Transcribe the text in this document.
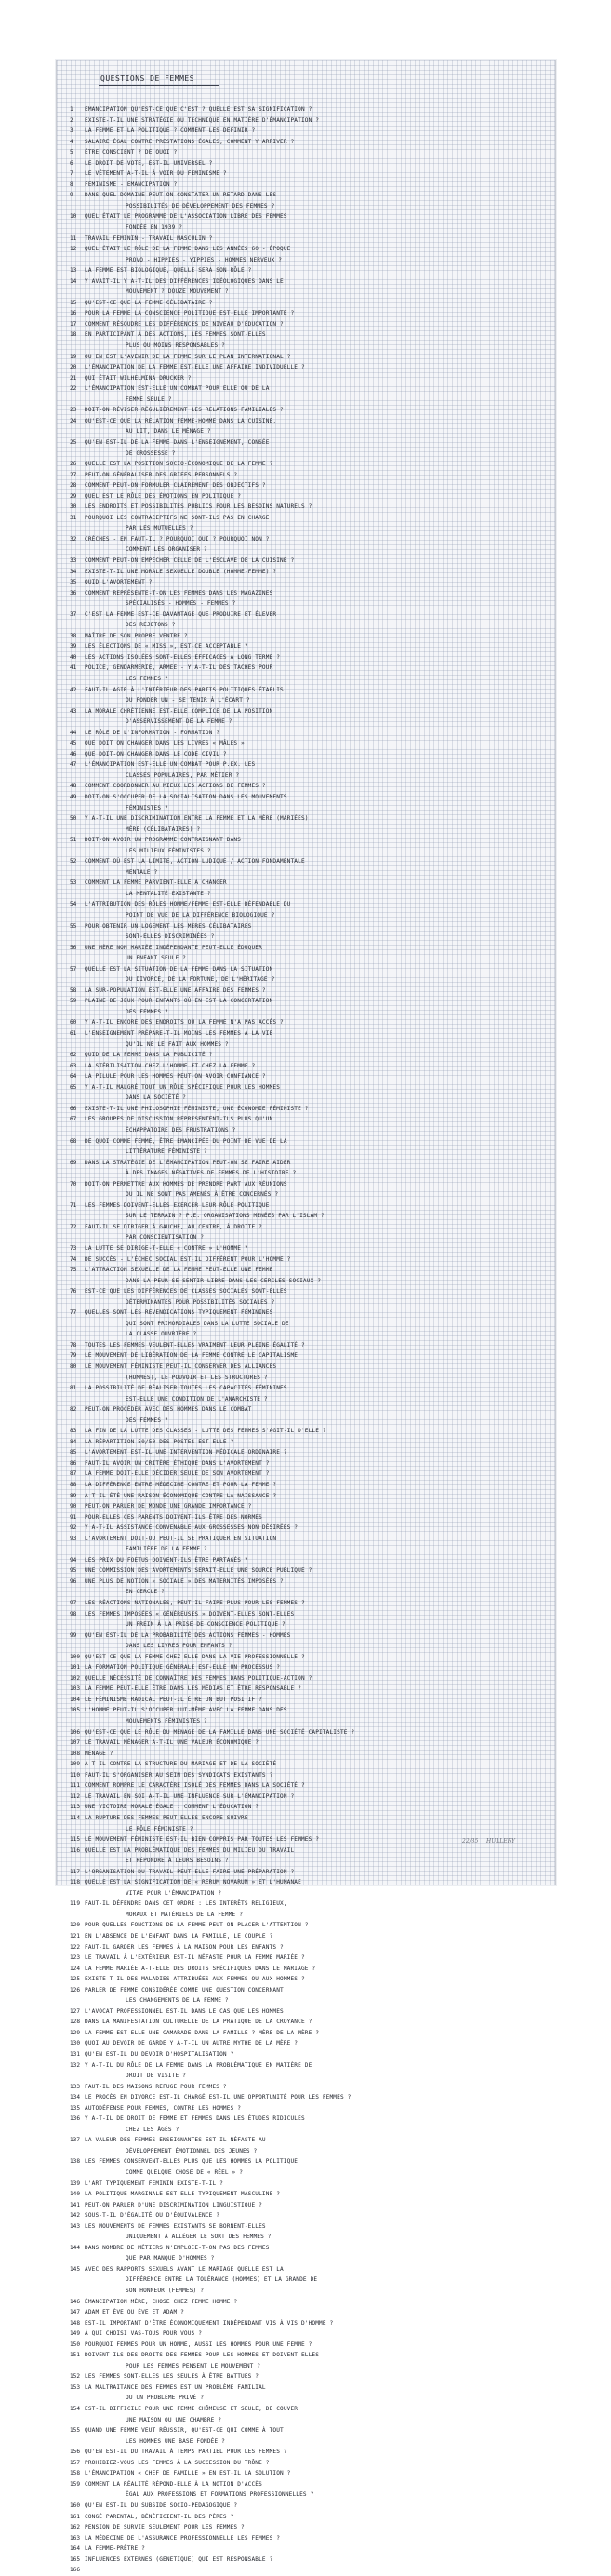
QUESTIONS DE FEMMES
1 EMANCIPATION QU'EST-CE QUE C'EST ? QUELLE EST SA SIGNIFICATION ?
2 EXISTE-T-IL UNE STRATÉGIE OU TECHNIQUE EN MATIÈRE D'ÉMANCIPATION ?
3 LA FEMME ET LA POLITIQUE ? COMMENT LES DÉFINIR ?
4 SALAIRE ÉGAL CONTRE PRESTATIONS ÉGALES, COMMENT Y ARRIVER ?
5 ÊTRE CONSCIENT ? DE QUOI ?
6 LE DROIT DE VOTE, EST-IL UNIVERSEL ?
7 LE VÊTEMENT A-T-IL À VOIR DU FÉMINISME ?
8 FÉMINISME - ÉMANCIPATION ?
9 DANS QUEL DOMAINE PEUT-ON CONSTATER UN RETARD DANS LES
POSSIBILITÉS DE DÉVELOPPEMENT DES FEMMES ?
10 QUEL ÉTAIT LE PROGRAMME DE L'ASSOCIATION LIBRE DES FEMMES
FONDÉE EN 1939 ?
11 TRAVAIL FÉMININ - TRAVAIL MASCULIN ?
12 QUEL ÉTAIT LE RÔLE DE LA FEMME DANS LES ANNÉES 60 - ÉPOQUE
PROVO - HIPPIES - YIPPIES - HOMMES NERVEUX ?
13 LA FEMME EST BIOLOGIQUE, QUELLE SERA SON RÔLE ?
14 Y AVAIT-IL Y A-T-IL DES DIFFÉRENCES IDÉOLOGIQUES DANS LE
MOUVEMENT ? DOUZE MOUVEMENT ?
15 QU'EST-CE QUE LA FEMME CÉLIBATAIRE ?
16 POUR LA FEMME LA CONSCIENCE POLITIQUE EST-ELLE IMPORTANTE ?
17 COMMENT RÉSOUDRE LES DIFFÉRENCES DE NIVEAU D'ÉDUCATION ?
18 EN PARTICIPANT À DES ACTIONS, LES FEMMES SONT-ELLES
PLUS OU MOINS RESPONSABLES ?
19 OU EN EST L'AVENIR DE LA FEMME SUR LE PLAN INTERNATIONAL ?
20 L'ÉMANCIPATION DE LA FEMME EST-ELLE UNE AFFAIRE INDIVIDUELLE ?
21 QUI ÉTAIT WILHELMINA DRUCKER ?
22 L'ÉMANCIPATION EST-ELLE UN COMBAT POUR ELLE OU DE LA
FEMME SEULE ?
23 DOIT-ON RÉVISER RÉGULIÈREMENT LES RELATIONS FAMILIALES ?
24 QU'EST-CE QUE LA RELATION FEMME-HOMME DANS LA CUISINE,
AU LIT, DANS LE MÉNAGE ?
25 QU'EN EST-IL DE LA FEMME DANS L'ENSEIGNEMENT, CONSÉE
DE GROSSESSE ?
26 QUELLE EST LA POSITION SOCIO-ÉCONOMIQUE DE LA FEMME ?
27 PEUT-ON GÉNÉRALISER DES GRIEFS PERSONNELS ?
28 COMMENT PEUT-ON FORMULER CLAIREMENT DES OBJECTIFS ?
29 QUEL EST LE RÔLE DES ÉMOTIONS EN POLITIQUE ?
30 LES ENDROITS ET POSSIBILITÉS PUBLICS POUR LES BESOINS NATURELS ?
31 POURQUOI LES CONTRACEPTIFS NE SONT-ILS PAS EN CHARGE
PAR LES MUTUELLES ?
32 CRÈCHES - EN FAUT-IL ? POURQUOI OUI ? POURQUOI NON ?
COMMENT LES ORGANISER ?
33 COMMENT PEUT-ON EMPÊCHER CELLE DE L'ESCLAVE DE LA CUISINE ?
34 EXISTE-T-IL UNE MORALE SEXUELLE DOUBLE (HOMME-FEMME) ?
35 QUID L'AVORTEMENT ?
36 COMMENT REPRÉSENTE-T-ON LES FEMMES DANS LES MAGAZINES
SPÉCIALISÉS - HOMMES - FEMMES ?
37 C'EST LA FEMME EST-CE DAVANTAGE QUE PRODUIRE ET ÉLEVER
DES REJETONS ?
38 MAÎTRE DE SON PROPRE VENTRE ?
39 LES ÉLECTIONS DE « MISS », EST-CE ACCEPTABLE ?
40 LES ACTIONS ISOLÉES SONT-ELLES EFFICACES À LONG TERME ?
41 POLICE, GENDARMERIE, ARMÉE - Y A-T-IL DES TÂCHES POUR
LES FEMMES ?
42 FAUT-IL AGIR À L'INTÉRIEUR DES PARTIS POLITIQUES ÉTABLIS
OU FONDER UN - SE TENIR À L'ÉCART ?
43 LA MORALE CHRÉTIENNE EST-ELLE COMPLICE DE LA POSITION
D'ASSERVISSEMENT DE LA FEMME ?
44 LE RÔLE DE L'INFORMATION - FORMATION ?
45 QUE DOIT ON CHANGER DANS LES LIVRES « MÂLES »
46 QUE DOIT-ON CHANGER DANS LE CODE CIVIL ?
47 L'ÉMANCIPATION EST-ELLE UN COMBAT POUR P.EX. LES
CLASSES POPULAIRES, PAR MÉTIER ?
48 COMMENT COORDONNER AU MIEUX LES ACTIONS DE FEMMES ?
49 DOIT-ON S'OCCUPER DE LA SOCIALISATION DANS LES MOUVEMENTS
FÉMINISTES ?
50 Y A-T-IL UNE DISCRIMINATION ENTRE LA FEMME ET LA MÈRE (MARIÉES)
MÈRE (CÉLIBATAIRES) ?
51 DOIT-ON AVOIR UN PROGRAMME CONTRAIGNANT DANS
LES MILIEUX FÉMINISTES ?
52 COMMENT OÙ EST LA LIMITE, ACTION LUDIQUE / ACTION FONDAMENTALE
MENTALE ?
53 COMMENT LA FEMME PARVIENT-ELLE À CHANGER
LA MENTALITÉ EXISTANTE ?
54 L'ATTRIBUTION DES RÔLES HOMME/FEMME EST-ELLE DÉFENDABLE DU
POINT DE VUE DE LA DIFFÉRENCE BIOLOGIQUE ?
55 POUR OBTENIR UN LOGEMENT LES MÈRES CÉLIBATAIRES
SONT-ELLES DISCRIMINÉES ?
56 UNE MÈRE NON MARIÉE INDÉPENDANTE PEUT-ELLE ÉDUQUER
UN ENFANT SEULE ?
57 QUELLE EST LA SITUATION DE LA FEMME DANS LA SITUATION
DU DIVORCE, DE LA FORTUNE, DE L'HÉRITAGE ?
58 LA SUR-POPULATION EST-ELLE UNE AFFAIRE DES FEMMES ?
59 PLAINE DE JEUX POUR ENFANTS OÙ EN EST LA CONCERTATION
DES FEMMES ?
60 Y A-T-IL ENCORE DES ENDROITS OÙ LA FEMME N'A PAS ACCÈS ?
61 L'ENSEIGNEMENT PRÉPARE-T-IL MOINS LES FEMMES À LA VIE
QU'IL NE LE FAIT AUX HOMMES ?
62 QUID DE LA FEMME DANS LA PUBLICITÉ ?
63 LA STÉRILISATION CHEZ L'HOMME ET CHEZ LA FEMME ?
64 LA PILULE POUR LES HOMMES PEUT-ON AVOIR CONFIANCE ?
65 Y A-T-IL MALGRÉ TOUT UN RÔLE SPÉCIFIQUE POUR LES HOMMES
DANS LA SOCIÉTÉ ?
66 EXISTE-T-IL UNE PHILOSOPHIE FÉMINISTE, UNE ÉCONOMIE FÉMINISTE ?
67 LES GROUPES DE DISCUSSION REPRÉSENTENT-ILS PLUS QU'UN
ÉCHAPPATOIRE DES FRUSTRATIONS ?
68 DE QUOI COMME FEMME, ÊTRE ÉMANCIPÉE DU POINT DE VUE DE LA
LITTÉRATURE FÉMINISTE ?
69 DANS LA STRATÉGIE DE L'ÉMANCIPATION PEUT-ON SE FAIRE AIDER
À DES IMAGES NÉGATIVES DE FEMMES DE L'HISTOIRE ?
70 DOIT-ON PERMETTRE AUX HOMMES DE PRENDRE PART AUX RÉUNIONS
OU IL NE SONT PAS AMENÉS À ÊTRE CONCERNÉS ?
71 LES FEMMES DOIVENT-ELLES EXERCER LEUR RÔLE POLITIQUE
SUR LE TERRAIN ? P.E. ORGANISATIONS MENÉES PAR L'ISLAM ?
72 FAUT-IL SE DIRIGER À GAUCHE, AU CENTRE, À DROITE ?
PAR CONSCIENTISATION ?
73 LA LUTTE SE DIRIGE-T-ELLE « CONTRE » L'HOMME ?
74 DE SUCCÈS - L'ÉCHEC SOCIAL EST-IL DIFFÉRENT POUR L'HOMME ?
75 L'ATTRACTION SEXUELLE DE LA FEMME PEUT-ELLE UNE FEMME
DANS LA PEUR SE SENTIR LIBRE DANS LES CERCLES SOCIAUX ?
76 EST-CE QUE LES DIFFÉRENCES DE CLASSES SOCIALES SONT-ELLES
DÉTERMINANTES POUR POSSIBILITÉS SOCIALES ?
77 QUELLES SONT LES REVENDICATIONS TYPIQUEMENT FÉMININES
QUI SONT PRIMORDIALES DANS LA LUTTE SOCIALE DE
LA CLASSE OUVRIÈRE ?
78 TOUTES LES FEMMES VEULENT-ELLES VRAIMENT LEUR PLEINE ÉGALITÉ ?
79 LE MOUVEMENT DE LIBÉRATION DE LA FEMME CONTRE LE CAPITALISME
80 LE MOUVEMENT FÉMINISTE PEUT-IL CONSERVER DES ALLIANCES
(HOMMES), LE POUVOIR ET LES STRUCTURES ?
81 LA POSSIBILITÉ DE RÉALISER TOUTES LES CAPACITÉS FÉMININES
EST-ELLE UNE CONDITION DE L'ANARCHISTE ?
82 PEUT-ON PROCÉDER AVEC DES HOMMES DANS LE COMBAT
DES FEMMES ?
83 LA FIN DE LA LUTTE DES CLASSES - LUTTE DES FEMMES S'AGIT-IL D'ELLE ?
84 LA RÉPARTITION 50/50 DES POSTES EST-ELLE ?
85 L'AVORTEMENT EST-IL UNE INTERVENTION MÉDICALE ORDINAIRE ?
86 FAUT-IL AVOIR UN CRITÈRE ÉTHIQUE DANS L'AVORTEMENT ?
87 LA FEMME DOIT-ELLE DÉCIDER SEULE DE SON AVORTEMENT ?
88 LA DIFFÉRENCE ENTRE MÉDECINE CONTRE ET POUR LA FEMME ?
89 A-T-IL ÉTÉ UNE RAISON ÉCONOMIQUE CONTRE LA NAISSANCE ?
90 PEUT-ON PARLER DE MONDE UNE GRANDE IMPORTANCE ?
91 POUR-ELLES CES PARENTS DOIVENT-ILS ÊTRE DES NORMES
92 Y A-T-IL ASSISTANCE CONVENABLE AUX GROSSESSES NON DÉSIRÉES ?
93 L'AVORTEMENT DOIT-OU PEUT-IL SE PRATIQUER EN SITUATION
FAMILIÈRE DE LA FEMME ?
94 LES PRIX DU FOETUS DOIVENT-ILS ÊTRE PARTAGÉS ?
95 UNE COMMISSION DES AVORTEMENTS SERAIT-ELLE UNE SOURCE PUBLIQUE ?
96 UNE PLUS DE NOTION « SOCIALE » DES MATERNITÉS IMPOSÉES ?
EN CERCLE ?
97 LES RÉACTIONS NATIONALES, PEUT-IL FAIRE PLUS POUR LES FEMMES ?
98 LES FEMMES IMPOSÉES « GÉNÉREUSES » DOIVENT-ELLES SONT-ELLES
UN FREIN À LA PRISE DE CONSCIENCE POLITIQUE ?
99 QU'EN EST-IL DE LA PROBABILITÉ DES ACTIONS FEMMES - HOMMES
DANS LES LIVRES POUR ENFANTS ?
100 QU'EST-CE QUE LA FEMME CHEZ ELLE DANS LA VIE PROFESSIONNELLE ?
101 LA FORMATION POLITIQUE GÉNÉRALE EST-ELLE UN PROCESSUS ?
102 QUELLE NÉCESSITÉ DE CONNAÎTRE DES FEMMES DANS POLITIQUE-ACTION ?
103 LA FEMME PEUT-ELLE ÊTRE DANS LES MÉDIAS ET ÊTRE RESPONSABLE ?
104 LE FÉMINISME RADICAL PEUT-IL ÊTRE UN BUT POSITIF ?
105 L'HOMME PEUT-IL S'OCCUPER LUI-MÊME AVEC LA FEMME DANS DES
MOUVEMENTS FÉMINISTES ?
106 QU'EST-CE QUE LE RÔLE DU MÉNAGE DE LA FAMILLE DANS UNE SOCIÉTÉ CAPITALISTE ?
107 LE TRAVAIL MÉNAGER A-T-IL UNE VALEUR ÉCONOMIQUE ?
108 MÉNAGE ?
109 A-T-IL CONTRE LA STRUCTURE DU MARIAGE ET DE LA SOCIÉTÉ
110 FAUT-IL S'ORGANISER AU SEIN DES SYNDICATS EXISTANTS ?
111 COMMENT ROMPRE LE CARACTÈRE ISOLÉ DES FEMMES DANS LA SOCIÉTÉ ?
112 LE TRAVAIL EN SOI A-T-IL UNE INFLUENCE SUR L'ÉMANCIPATION ?
113 UNE VICTOIRE MORALE ÉGALE : COMMENT L'ÉDUCATION ?
114 LA RUPTURE DES FEMMES PEUT-ELLES ENCORE SUIVRE
LE RÔLE FÉMINISTE ?
115 LE MOUVEMENT FÉMINISTE EST-IL BIEN COMPRIS PAR TOUTES LES FEMMES ?
116 QUELLE EST LA PROBLÉMATIQUE DES FEMMES DU MILIEU DU TRAVAIL
ET RÉPONDRE À LEURS BESOINS ?
117 L'ORGANISATION DU TRAVAIL PEUT-ELLE FAIRE UNE PRÉPARATION ?
118 QUELLE EST LA SIGNIFICATION DE « RERUM NOVARUM » ET L'HUMANAE
VITAE POUR L'ÉMANCIPATION ?
119 FAUT-IL DÉFENDRE DANS CET ORDRE : LES INTÉRÊTS RELIGIEUX,
MORAUX ET MATÉRIELS DE LA FEMME ?
120 POUR QUELLES FONCTIONS DE LA FEMME PEUT-ON PLACER L'ATTENTION ?
121 EN L'ABSENCE DE L'ENFANT DANS LA FAMILLE, LE COUPLE ?
122 FAUT-IL GARDER LES FEMMES À LA MAISON POUR LES ENFANTS ?
123 LE TRAVAIL À L'EXTÉRIEUR EST-IL NÉFASTE POUR LA FEMME MARIÉE ?
124 LA FEMME MARIÉE A-T-ELLE DES DROITS SPÉCIFIQUES DANS LE MARIAGE ?
125 EXISTE-T-IL DES MALADIES ATTRIBUÉES AUX FEMMES OU AUX HOMMES ?
126 PARLER DE FEMME CONSIDÉRÉE COMME UNE QUESTION CONCERNANT
LES CHANGEMENTS DE LA FEMME ?
127 L'AVOCAT PROFESSIONNEL EST-IL DANS LE CAS QUE LES HOMMES
128 DANS LA MANIFESTATION CULTURELLE DE LA PRATIQUE DE LA CROYANCE ?
129 LA FEMME EST-ELLE UNE CAMARADE DANS LA FAMILLE ? MÈRE DE LA MÈRE ?
130 QUOI AU DEVOIR DE GARDE Y A-T-IL UN AUTRE MYTHE DE LA MÈRE ?
131 QU'EN EST-IL DU DEVOIR D'HOSPITALISATION ?
132 Y A-T-IL DU RÔLE DE LA FEMME DANS LA PROBLÉMATIQUE EN MATIÈRE DE
DROIT DE VISITE ?
133 FAUT-IL DES MAISONS REFUGE POUR FEMMES ?
134 LE PROCÈS EN DIVORCE EST-IL CHARGÉ EST-IL UNE OPPORTUNITÉ POUR LES FEMMES ?
135 AUTODÉFENSE POUR FEMMES, CONTRE LES HOMMES ?
136 Y A-T-IL DE DROIT DE FEMME ET FEMMES DANS LES ÉTUDES RIDICULES
CHEZ LES ÂGÉS ?
137 LA VALEUR DES FEMMES ENSEIGNANTES EST-IL NÉFASTE AU
DÉVELOPPEMENT ÉMOTIONNEL DES JEUNES ?
138 LES FEMMES CONSERVENT-ELLES PLUS QUE LES HOMMES LA POLITIQUE
COMME QUELQUE CHOSE DE « RÉEL » ?
139 L'ART TYPIQUEMENT FÉMININ EXISTE-T-IL ?
140 LA POLITIQUE MARGINALE EST-ELLE TYPIQUEMENT MASCULINE ?
141 PEUT-ON PARLER D'UNE DISCRIMINATION LINGUISTIQUE ?
142 SOUS-T-IL D'ÉGALITÉ OU D'ÉQUIVALENCE ?
143 LES MOUVEMENTS DE FEMMES EXISTANTS SE BORNENT-ELLES
UNIQUEMENT À ALLÉGER LE SORT DES FEMMES ?
144 DANS NOMBRE DE MÉTIERS N'EMPLOIE-T-ON PAS DES FEMMES
QUE PAR MANQUE D'HOMMES ?
145 AVEC DES RAPPORTS SEXUELS AVANT LE MARIAGE QUELLE EST LA
DIFFÉRENCE ENTRE LA TOLÉRANCE (HOMMES) ET LA GRANDE DE
SON HONNEUR (FEMMES) ?
146 ÉMANCIPATION MÈRE, CHOSE CHEZ FEMME HOMME ?
147 ADAM ET ÈVE OU ÈVE ET ADAM ?
148 EST-IL IMPORTANT D'ÊTRE ÉCONOMIQUEMENT INDÉPENDANT VIS À VIS D'HOMME ?
149 À QUI CHOISI VAS-TOUS POUR VOUS ?
150 POURQUOI FEMMES POUR UN HOMME, AUSSI LES HOMMES POUR UNE FEMME ?
151 DOIVENT-ILS DES DROITS DES FEMMES POUR LES HOMMES ET DOIVENT-ELLES
POUR LES FEMMES PENSENT LE MOUVEMENT ?
152 LES FEMMES SONT-ELLES LES SEULES À ÊTRE BATTUES ?
153 LA MALTRAITANCE DES FEMMES EST UN PROBLÈME FAMILIAL
OU UN PROBLÈME PRIVÉ ?
154 EST-IL DIFFICILE POUR UNE FEMME CHÔMEUSE ET SEULE, DE COUVER
UNE MAISON OU UNE CHAMBRE ?
155 QUAND UNE FEMME VEUT RÉUSSIR, QU'EST-CE QUI COMME À TOUT
LES HOMMES UNE BASE FONDÉE ?
156 QU'EN EST-IL DU TRAVAIL À TEMPS PARTIEL POUR LES FEMMES ?
157 PROHIBIEZ-VOUS LES FEMMES À LA SUCCESSION DU TRÔNE ?
158 L'ÉMANCIPATION « CHEF DE FAMILLE » EN EST-IL LA SOLUTION ?
159 COMMENT LA RÉALITÉ RÉPOND-ELLE À LA NOTION D'ACCÈS
ÉGAL AUX PROFESSIONS ET FORMATIONS PROFESSIONNELLES ?
160 QU'EN EST-IL DU SUBSIDE SOCIO-PÉDAGOGIQUE ?
161 CONGÉ PARENTAL, BÉNÉFICIENT-IL DES PÈRES ?
162 PENSION DE SURVIE SEULEMENT POUR LES FEMMES ?
163 LA MÉDECINE DE L'ASSURANCE PROFESSIONNELLE LES FEMMES ?
164 LA FEMME-PRÊTRE ?
165 INFLUENCES EXTERNES (GÉNÉTIQUE) QUI EST RESPONSABLE ?
166
22/35 HULLERY
